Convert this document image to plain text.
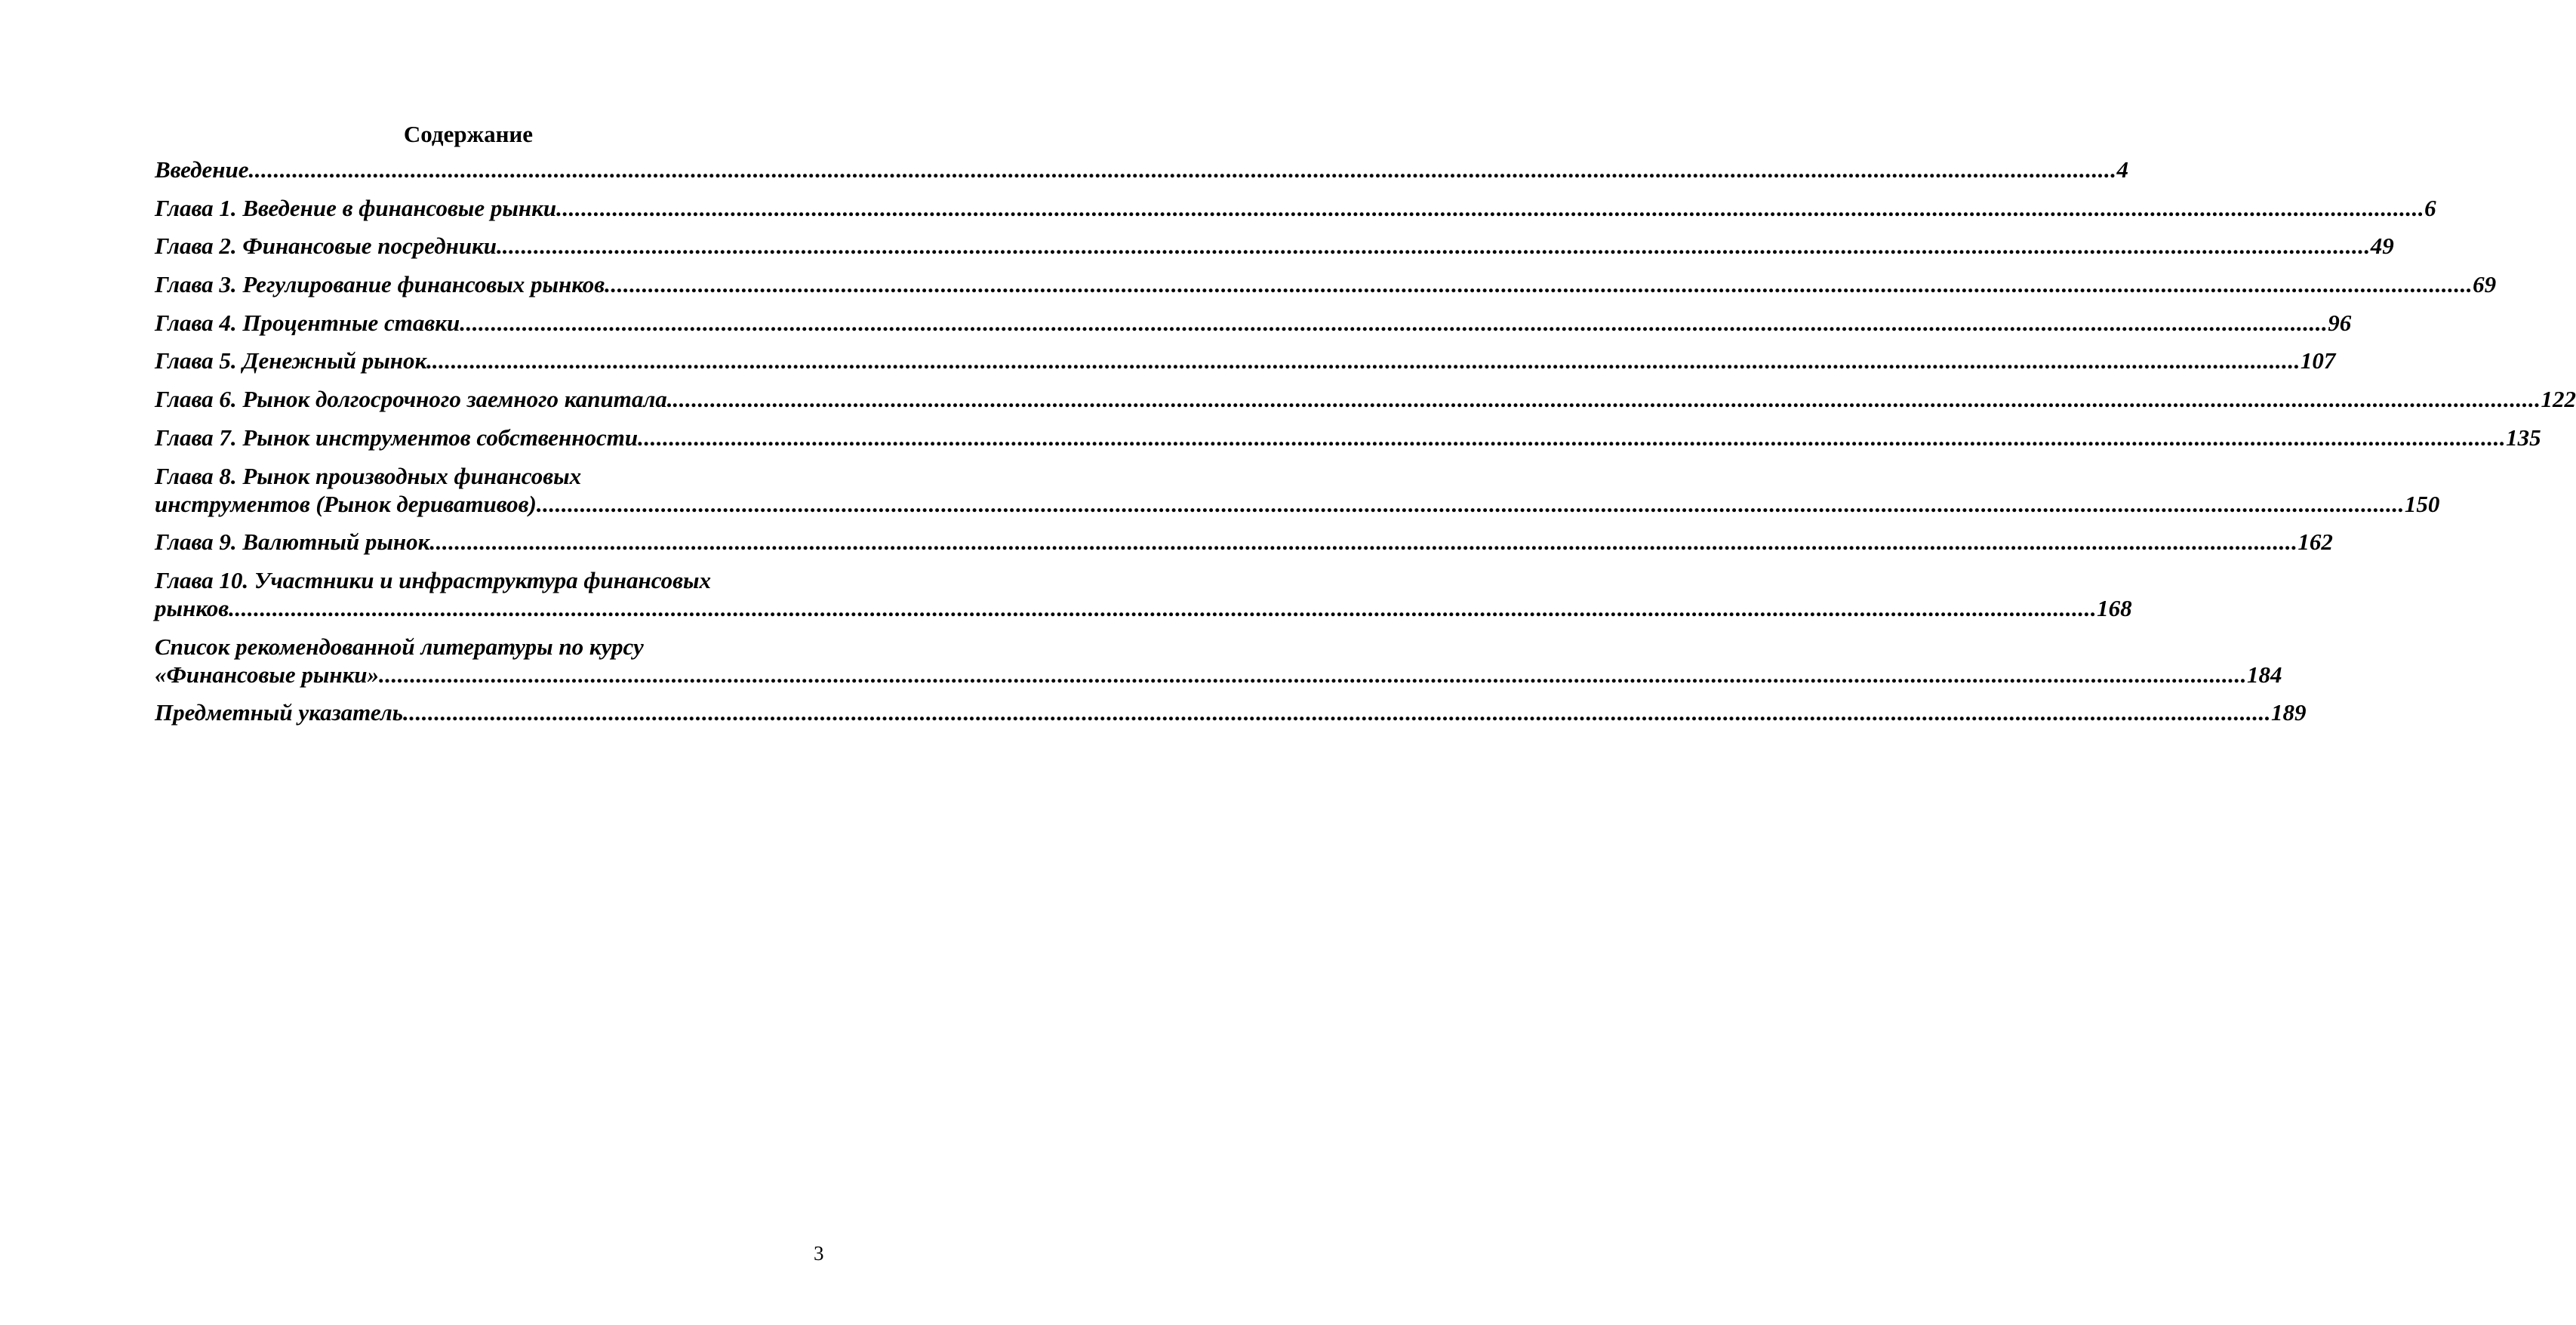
Содержание
Введение ............................................................................................................................................................................................................................................................................................................ 4
Глава 1. Введение в финансовые рынки ............................................................................................................................................................................................................................................................................................................ 6
Глава 2. Финансовые посредники. ............................................................................................................................................................................................................................................................................................................ 49
Глава 3. Регулирование финансовых рынков ............................................................................................................................................................................................................................................................................................................ 69
Глава 4. Процентные ставки ............................................................................................................................................................................................................................................................................................................ 96
Глава 5. Денежный рынок. ............................................................................................................................................................................................................................................................................................................ 107
Глава 6. Рынок долгосрочного заемного капитала. ............................................................................................................................................................................................................................................................................................................ 122
Глава 7. Рынок инструментов собственности ............................................................................................................................................................................................................................................................................................................ 135
Глава 8. Рынок производных финансовых
инструментов (Рынок деривативов) ............................................................................................................................................................................................................................................................................................................ 150
Глава 9. Валютный рынок ............................................................................................................................................................................................................................................................................................................ 162
Глава 10. Участники и инфраструктура финансовых
рынков ............................................................................................................................................................................................................................................................................................................ 168
Список рекомендованной литературы по курсу
«Финансовые рынки» ............................................................................................................................................................................................................................................................................................................ 184
Предметный указатель ............................................................................................................................................................................................................................................................................................................ 189
3
